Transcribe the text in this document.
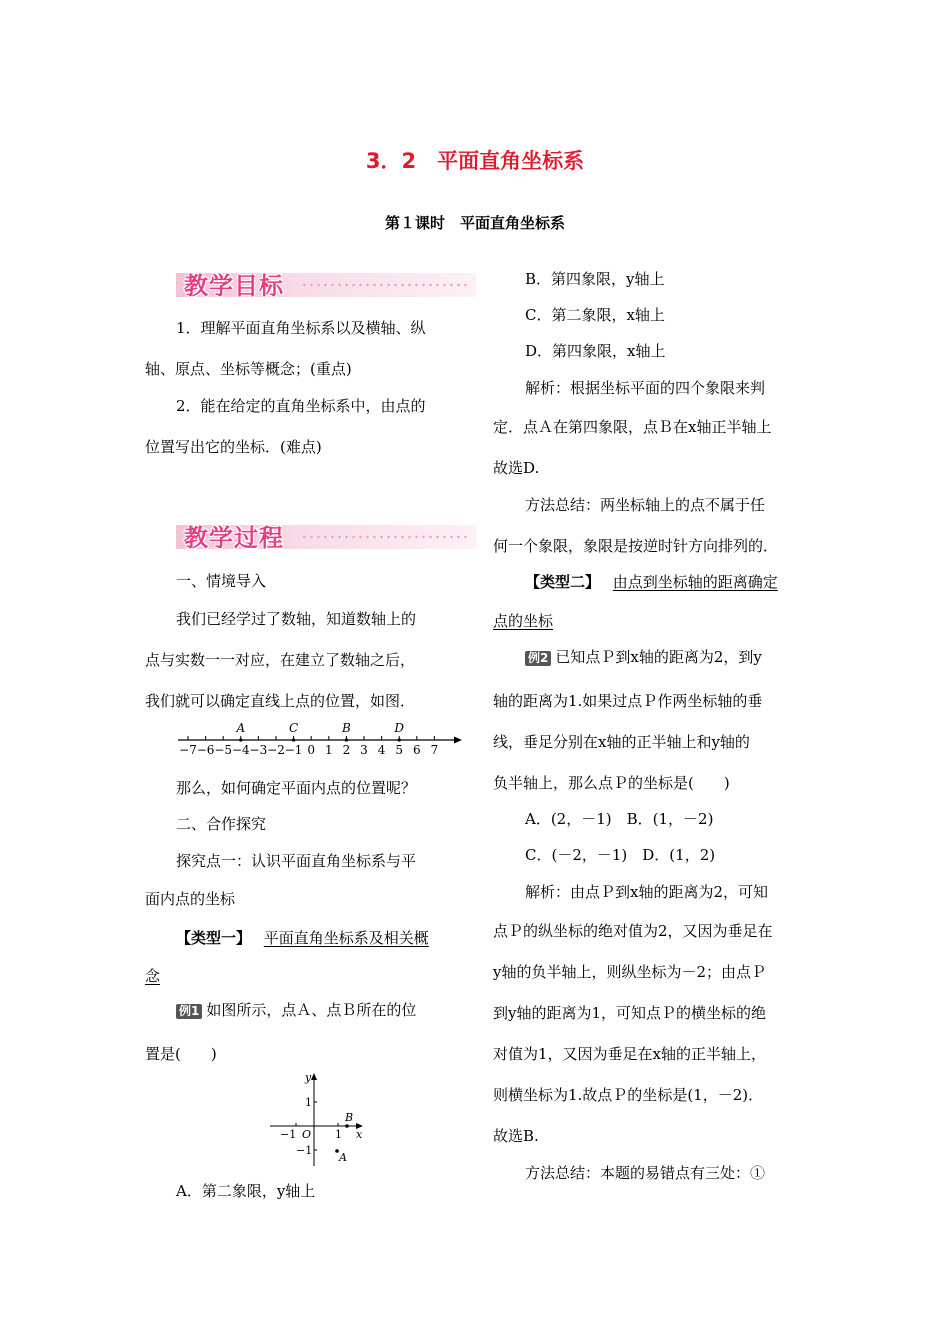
3．2　平面直角坐标系
第１课时　平面直角坐标系
教学目标
1．理解平面直角坐标系以及横轴、纵
轴、原点、坐标等概念；(重点)
2．能在给定的直角坐标系中，由点的
位置写出它的坐标．(难点)
教学过程
一、情境导入
我们已经学过了数轴，知道数轴上的
点与实数一一对应，在建立了数轴之后，
我们就可以确定直线上点的位置，如图．
−7 −6 −5 −4 −3 −2 −1 0 1 2 3 4 5 6 7
A	C	B	D
那么，如何确定平面内点的位置呢？
二、合作探究
探究点一：认识平面直角坐标系与平
面内点的坐标
【类型一】 平面直角坐标系及相关概
念
例1 如图所示，点Ａ、点Ｂ所在的位
置是(　　)
y
x
O
1
−1
1
−1
B
A
A．第二象限，y轴上
B．第四象限，y轴上
C．第二象限，x轴上
D．第四象限，x轴上
解析：根据坐标平面的四个象限来判
定．点Ａ在第四象限，点Ｂ在x轴正半轴上
故选D.
方法总结：两坐标轴上的点不属于任
何一个象限，象限是按逆时针方向排列的．
【类型二】 由点到坐标轴的距离确定
点的坐标
例2 已知点Ｐ到x轴的距离为2，到y
轴的距离为1.如果过点Ｐ作两坐标轴的垂
线，垂足分别在x轴的正半轴上和y轴的
负半轴上，那么点Ｐ的坐标是(　　)
A．(2，－1)　B．(1，－2)
C．(－2，－1)　D．(1，2)
解析：由点Ｐ到x轴的距离为2，可知
点Ｐ的纵坐标的绝对值为2，又因为垂足在
y轴的负半轴上，则纵坐标为－2；由点Ｐ
到y轴的距离为1，可知点Ｐ的横坐标的绝
对值为1，又因为垂足在x轴的正半轴上，
则横坐标为1.故点Ｐ的坐标是(1，－2)．
故选B.
方法总结：本题的易错点有三处：①
